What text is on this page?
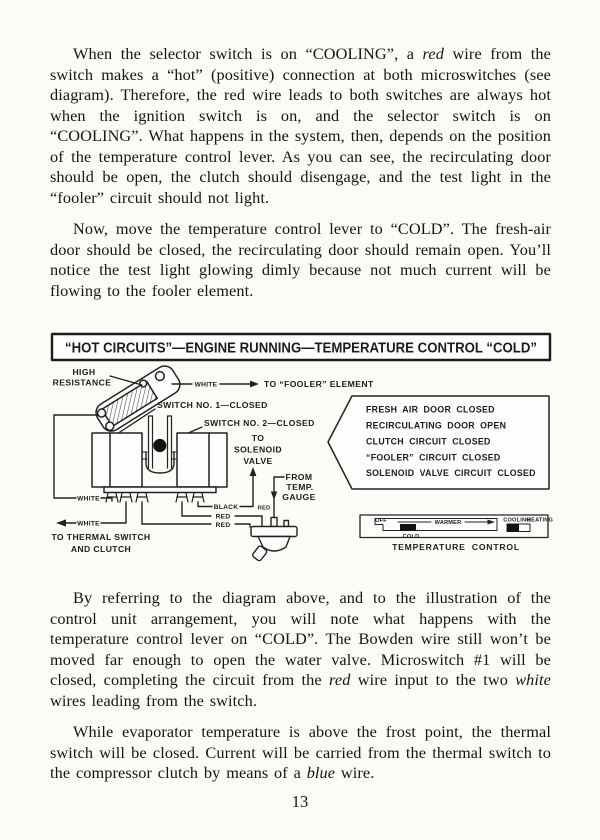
When the selector switch is on “COOLING”, a red wire from the switch makes a “hot” (positive) connection at both microswitches (see diagram). Therefore, the red wire leads to both switches are always hot when the ignition switch is on, and the selector switch is on “COOLING”. What happens in the system, then, depends on the position of the temperature control lever. As you can see, the recirculating door should be open, the clutch should disengage, and the test light in the “fooler” circuit should not light.

Now, move the temperature control lever to “COLD”. The fresh-air door should be closed, the recirculating door should remain open. You’ll notice the test light glowing dimly because not much current will be flowing to the fooler element.

“HOT CIRCUITS”—ENGINE RUNNING—TEMPERATURE CONTROL “COLD”
HIGH
RESISTANCE	WHITE	TO “FOOLER” ELEMENT
SWITCH NO. 1—CLOSED
SWITCH NO. 2—CLOSED
WHITE
WHITE
TO THERMAL SWITCH
AND CLUTCH
BLACK
TO
SOLENOID
VALVE
RED
RED
FROM
TEMP.
GAUGE
RED
FRESH AIR DOOR CLOSED
RECIRCULATING DOOR OPEN
CLUTCH CIRCUIT CLOSED
“FOOLER” CIRCUIT CLOSED
SOLENOID VALVE CIRCUIT CLOSED
OFF	WARMER
COLD
COOLING
HEATING
TEMPERATURE CONTROL

By referring to the diagram above, and to the illustration of the control unit arrangement, you will note what happens with the temperature control lever on “COLD”. The Bowden wire still won’t be moved far enough to open the water valve. Microswitch #1 will be closed, completing the circuit from the red wire input to the two white wires leading from the switch.

While evaporator temperature is above the frost point, the thermal switch will be closed. Current will be carried from the thermal switch to the compressor clutch by means of a blue wire.

13
